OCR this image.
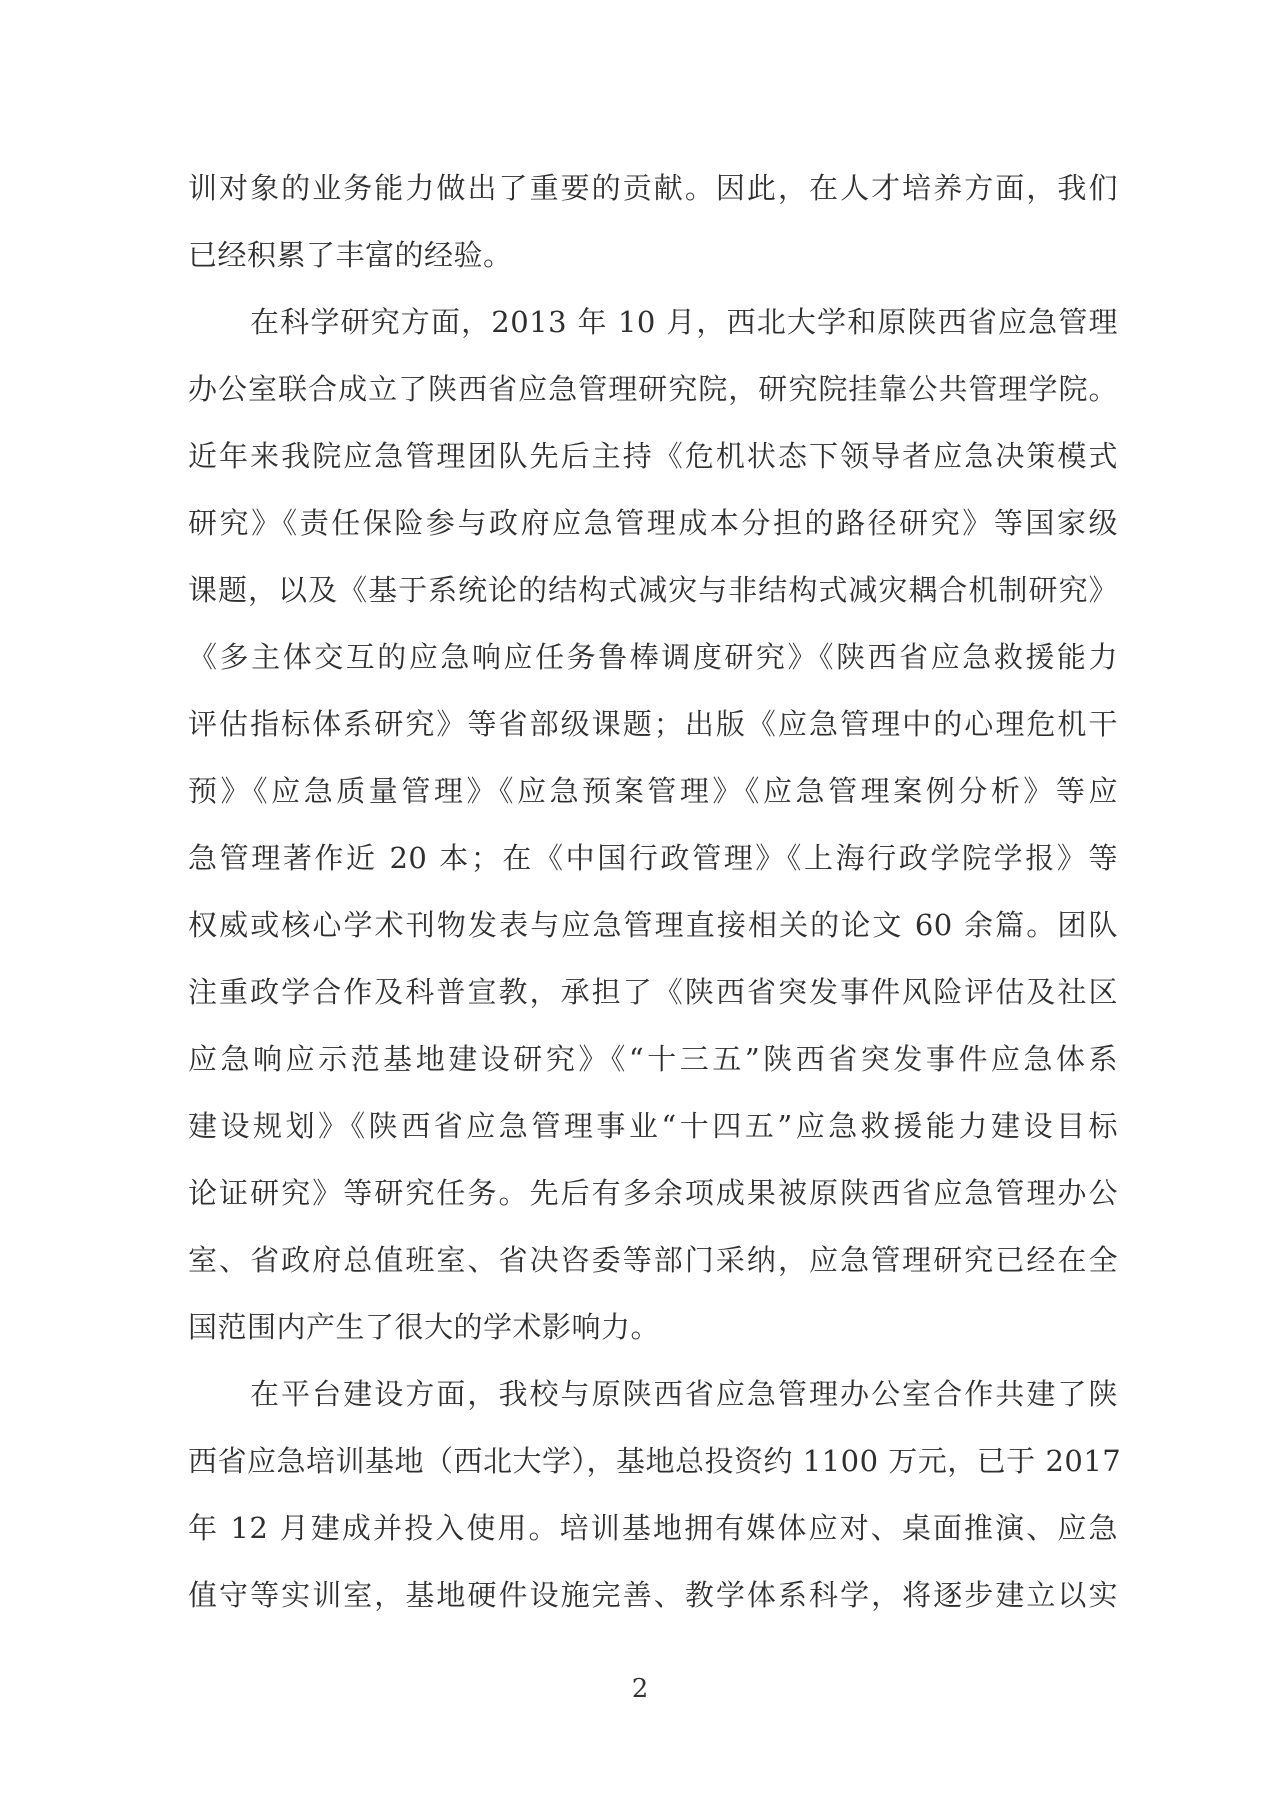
训对象的业务能力做出了重要的贡献。因此，在人才培养方面，我们
已经积累了丰富的经验。
在科学研究方面，2013 年 10 月，西北大学和原陕西省应急管理
办公室联合成立了陕西省应急管理研究院，研究院挂靠公共管理学院。
近年来我院应急管理团队先后主持《危机状态下领导者应急决策模式
研究》《责任保险参与政府应急管理成本分担的路径研究》等国家级
课题，以及《基于系统论的结构式减灾与非结构式减灾耦合机制研究》
《多主体交互的应急响应任务鲁棒调度研究》《陕西省应急救援能力
评估指标体系研究》等省部级课题；出版《应急管理中的心理危机干
预》《应急质量管理》《应急预案管理》《应急管理案例分析》等应
急管理著作近 20 本；在《中国行政管理》《上海行政学院学报》等
权威或核心学术刊物发表与应急管理直接相关的论文 60 余篇。团队
注重政学合作及科普宣教，承担了《陕西省突发事件风险评估及社区
应急响应示范基地建设研究》《“十三五”陕西省突发事件应急体系
建设规划》《陕西省应急管理事业“十四五”应急救援能力建设目标
论证研究》等研究任务。先后有多余项成果被原陕西省应急管理办公
室、省政府总值班室、省决咨委等部门采纳，应急管理研究已经在全
国范围内产生了很大的学术影响力。
在平台建设方面，我校与原陕西省应急管理办公室合作共建了陕
西省应急培训基地（西北大学），基地总投资约 1100 万元，已于 2017
年 12 月建成并投入使用。培训基地拥有媒体应对、桌面推演、应急
值守等实训室，基地硬件设施完善、教学体系科学，将逐步建立以实
2
